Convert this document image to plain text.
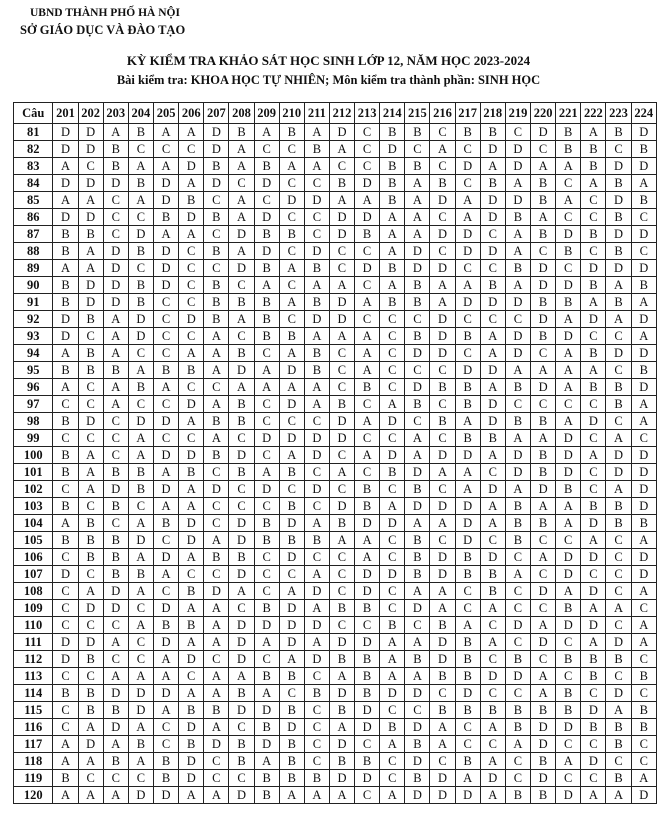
UBND THÀNH PHỐ HÀ NỘI
SỞ GIÁO DỤC VÀ ĐÀO TẠO
KỲ KIỂM TRA KHẢO SÁT HỌC SINH LỚP 12, NĂM HỌC 2023-2024
Bài kiểm tra: KHOA HỌC TỰ NHIÊN; Môn kiểm tra thành phần: SINH HỌC
Câu	201	202	203	204	205	206	207	208	209	210	211	212	213	214	215	216	217	218	219	220	221	222	223	224
81	D	D	A	B	A	A	D	B	A	B	A	D	C	B	B	C	B	B	C	D	B	A	B	D
82	D	D	B	C	C	C	D	A	C	C	B	A	C	D	C	A	C	D	D	C	B	B	C	B
83	A	C	B	A	A	D	B	A	B	A	A	C	C	B	B	C	D	A	D	A	A	B	D	D
84	D	D	D	B	D	A	D	C	D	C	C	B	D	B	A	B	C	B	A	B	C	A	B	A
85	A	A	C	A	D	B	C	A	C	D	D	A	A	B	A	D	A	D	D	B	A	C	D	B
86	D	D	C	C	B	D	B	A	D	C	C	D	D	A	A	C	A	D	B	A	C	C	B	C
87	B	B	C	D	A	A	C	D	B	B	C	D	B	A	A	D	D	C	A	B	D	B	D	D
88	B	A	D	B	D	C	B	A	D	C	D	C	C	A	D	C	D	D	A	C	B	C	B	C
89	A	A	D	C	D	C	C	D	B	A	B	C	D	B	D	D	C	C	B	D	C	D	D	D
90	B	D	D	B	D	C	B	C	A	C	A	A	C	A	B	A	A	B	A	D	D	B	A	B
91	B	D	D	B	C	C	B	B	B	A	B	D	A	B	B	A	D	D	D	B	B	A	B	A
92	D	B	A	D	C	D	B	A	B	C	D	D	C	C	C	D	C	C	C	D	A	D	A	D
93	D	C	A	D	C	C	A	C	B	B	A	A	A	C	B	D	B	A	D	B	D	C	C	A
94	A	B	A	C	C	A	A	B	C	A	B	C	A	C	D	D	C	A	D	C	A	B	D	D
95	B	B	B	A	B	B	A	D	A	D	B	C	A	C	C	C	D	D	A	A	A	A	C	B
96	A	C	A	B	A	C	C	A	A	A	A	C	B	C	D	B	B	A	B	D	A	B	B	D
97	C	C	A	C	C	D	A	B	C	D	A	B	C	A	B	C	B	D	C	C	C	C	B	A
98	B	D	C	D	D	A	B	B	C	C	C	D	A	D	C	B	A	D	B	B	A	D	C	A
99	C	C	C	A	C	C	A	C	D	D	D	D	C	C	A	C	B	B	A	A	D	C	A	C
100	B	A	C	A	D	D	B	D	C	A	D	C	A	D	A	D	D	A	D	B	D	A	D	D
101	B	A	B	B	A	B	C	B	A	B	C	A	C	B	D	A	A	C	D	B	D	C	D	D
102	C	A	D	B	D	A	D	C	D	C	D	C	B	C	B	C	A	D	A	D	B	C	A	D
103	B	C	B	C	A	A	C	C	C	B	C	D	B	A	D	D	D	A	B	A	A	B	B	D
104	A	B	C	A	B	D	C	D	B	D	A	B	D	D	A	A	D	A	B	B	A	D	B	B
105	B	B	B	D	C	D	A	D	B	B	B	A	A	C	B	C	D	C	B	C	C	A	C	A
106	C	B	B	A	D	A	B	B	C	D	C	C	A	C	B	D	B	D	C	A	D	D	C	D
107	D	C	B	B	A	C	C	D	C	C	A	C	D	D	B	D	B	B	A	C	D	C	C	D
108	C	A	D	A	C	B	D	A	C	A	D	C	D	C	A	A	C	B	C	D	A	D	C	A
109	C	D	D	C	D	A	A	C	B	D	A	B	B	C	D	A	C	A	C	C	B	A	A	C
110	C	C	C	A	B	B	A	D	D	D	D	C	C	B	C	B	A	C	D	A	D	D	C	A
111	D	D	A	C	D	A	A	D	A	D	A	D	D	A	A	D	B	A	C	D	C	A	D	A
112	D	B	C	C	A	D	C	D	C	A	D	B	B	A	B	D	B	C	B	C	B	B	B	C
113	C	C	A	A	A	C	A	A	B	B	C	A	B	A	A	B	B	D	D	A	C	B	C	B
114	B	B	D	D	D	A	A	B	A	C	B	D	B	D	D	C	D	C	C	A	B	C	D	C
115	C	B	B	D	A	B	B	D	D	B	C	B	D	C	C	B	B	B	B	B	B	D	A	B
116	C	A	D	A	C	D	A	C	B	D	C	A	D	B	D	A	C	A	B	D	D	B	B	B
117	A	D	A	B	C	B	D	B	D	B	C	D	C	A	B	A	C	C	A	D	C	C	B	C
118	A	A	B	A	B	D	C	B	A	B	C	B	B	C	D	C	B	A	C	B	A	D	C	C
119	B	C	C	C	B	D	C	C	B	B	B	D	D	C	B	D	A	D	C	D	C	C	B	A
120	A	A	A	D	D	A	A	D	B	A	A	A	C	A	D	D	D	A	B	B	D	A	A	D
